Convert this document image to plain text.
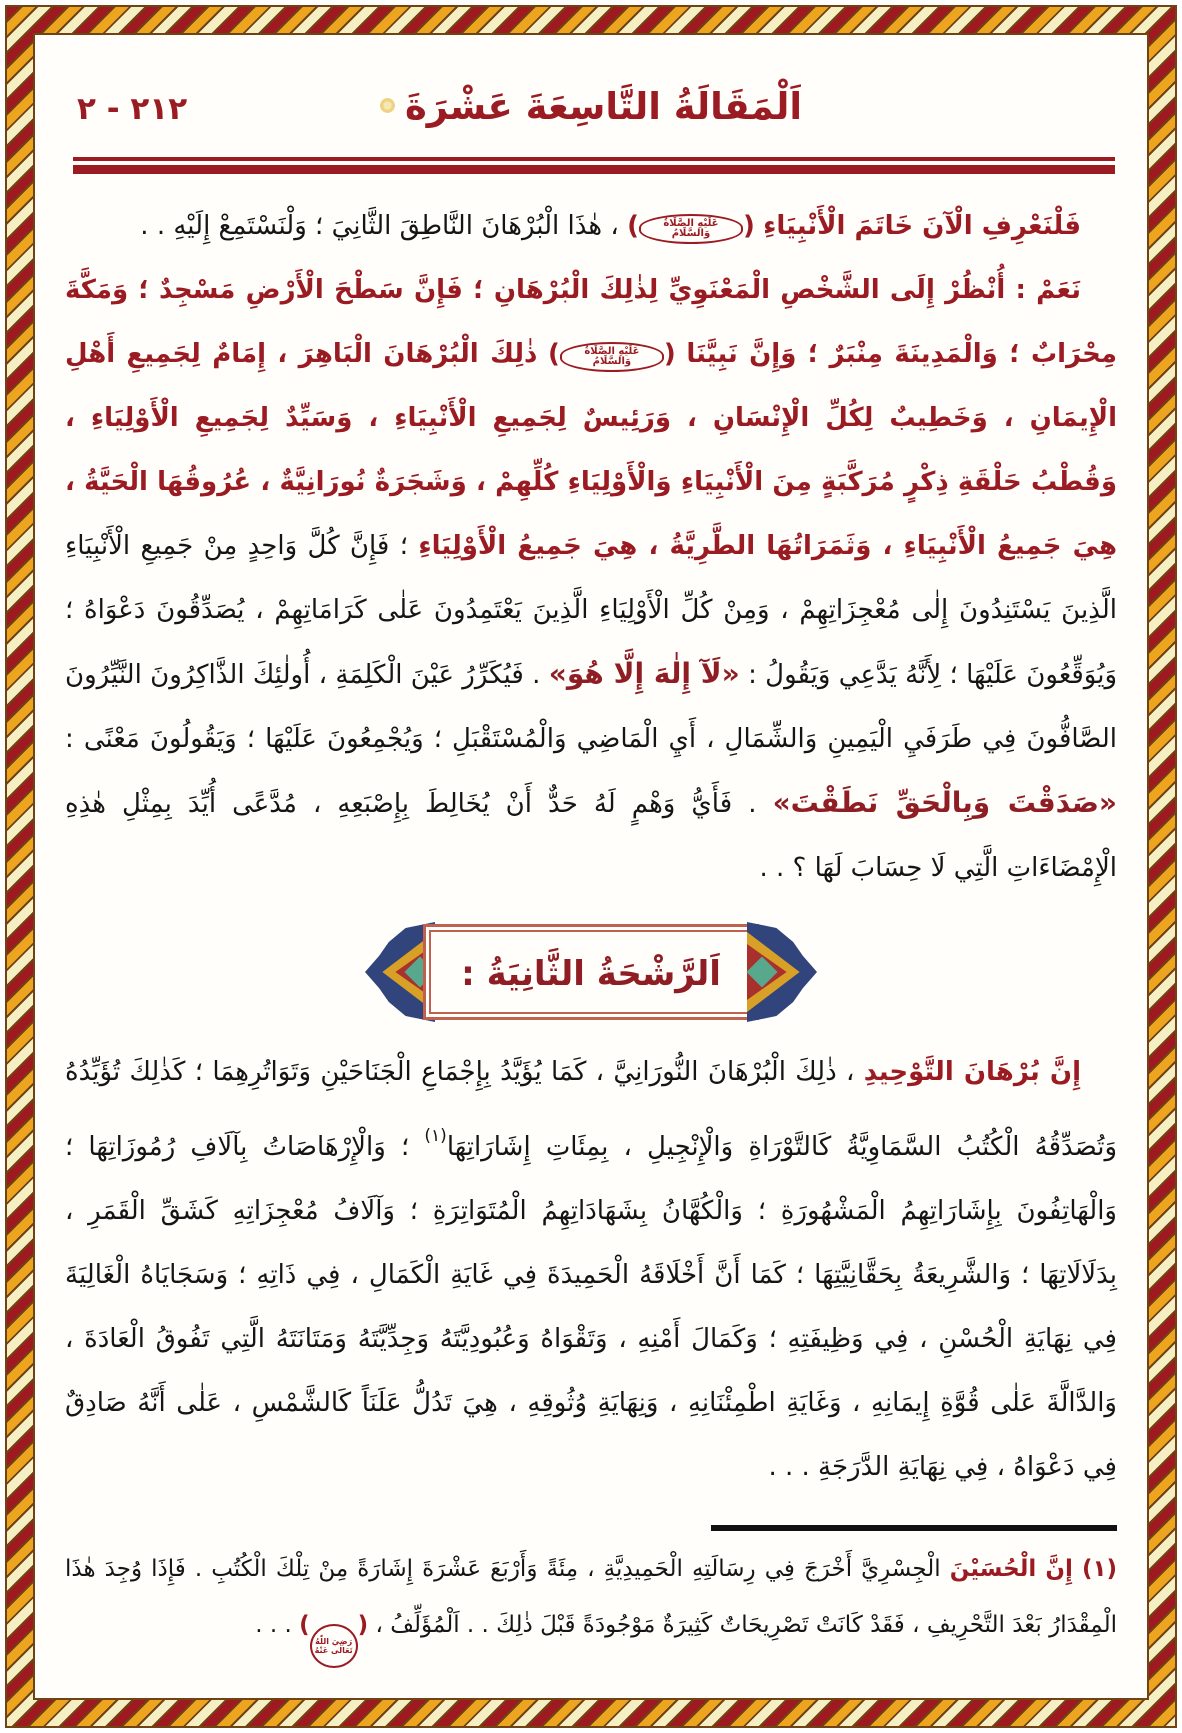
اَلْمَقَالَةُ التَّاسِعَةَ عَشْرَةَ
٢١٢ - ٢

فَلْنَعْرِفِ الْآنَ خَاتَمَ الْأَنْبِيَاءِ (عَلَيْهِ الصَّلَاةُ وَالسَّلَامُ) ، هٰذَا الْبُرْهَانَ النَّاطِقَ الثَّانِيَ ؛ وَلْنَسْتَمِعْ إِلَيْهِ . .

نَعَمْ : أُنْظُرْ إِلَى الشَّخْصِ الْمَعْنَوِيِّ لِذٰلِكَ الْبُرْهَانِ ؛ فَإِنَّ سَطْحَ الْأَرْضِ مَسْجِدٌ ؛ وَمَكَّةَ مِحْرَابٌ ؛ وَالْمَدِينَةَ مِنْبَرٌ ؛ وَإِنَّ نَبِيَّنَا (عَلَيْهِ الصَّلَاةُ وَالسَّلَامُ) ذٰلِكَ الْبُرْهَانَ الْبَاهِرَ ، إِمَامٌ لِجَمِيعِ أَهْلِ الْإِيمَانِ ، وَخَطِيبٌ لِكُلِّ الْإِنْسَانِ ، وَرَئِيسٌ لِجَمِيعِ الْأَنْبِيَاءِ ، وَسَيِّدٌ لِجَمِيعِ الْأَوْلِيَاءِ ، وَقُطْبُ حَلْقَةِ ذِكْرٍ مُرَكَّبَةٍ مِنَ الْأَنْبِيَاءِ وَالْأَوْلِيَاءِ كُلِّهِمْ ، وَشَجَرَةٌ نُورَانِيَّةٌ ، عُرُوقُهَا الْحَيَّةُ ، هِيَ جَمِيعُ الْأَنْبِيَاءِ ، وَثَمَرَاتُهَا الطَّرِيَّةُ ، هِيَ جَمِيعُ الْأَوْلِيَاءِ ؛ فَإِنَّ كُلَّ وَاحِدٍ مِنْ جَمِيعِ الْأَنْبِيَاءِ الَّذِينَ يَسْتَنِدُونَ إِلٰى مُعْجِزَاتِهِمْ ، وَمِنْ كُلِّ الْأَوْلِيَاءِ الَّذِينَ يَعْتَمِدُونَ عَلٰى كَرَامَاتِهِمْ ، يُصَدِّقُونَ دَعْوَاهُ ؛ وَيُوَقِّعُونَ عَلَيْهَا ؛ لِأَنَّهُ يَدَّعِي وَيَقُولُ : «لَآ إِلٰهَ إِلَّا هُوَ» . فَيُكَرِّرُ عَيْنَ الْكَلِمَةِ ، أُولٰئِكَ الذَّاكِرُونَ النَّيِّرُونَ الصَّافُّونَ فِي طَرَفَيِ الْيَمِينِ وَالشِّمَالِ ، أَيِ الْمَاضِي وَالْمُسْتَقْبَلِ ؛ وَيُجْمِعُونَ عَلَيْهَا ؛ وَيَقُولُونَ مَعْنًى : «صَدَقْتَ وَبِالْحَقِّ نَطَقْتَ» . فَأَيُّ وَهْمٍ لَهُ حَدٌّ أَنْ يُخَالِطَ بِإِصْبَعِهِ ، مُدَّعًى أُيِّدَ بِمِثْلِ هٰذِهِ الْإِمْضَاءَاتِ الَّتِي لَا حِسَابَ لَهَا ؟ . .

اَلرَّشْحَةُ الثَّانِيَةُ :

إِنَّ بُرْهَانَ التَّوْحِيدِ ، ذٰلِكَ الْبُرْهَانَ النُّورَانِيَّ ، كَمَا يُؤَيَّدُ بِإِجْمَاعِ الْجَنَاحَيْنِ وَتَوَاتُرِهِمَا ؛ كَذٰلِكَ تُؤَيِّدُهُ وَتُصَدِّقُهُ الْكُتُبُ السَّمَاوِيَّةُ كَالتَّوْرَاةِ وَالْإِنْجِيلِ ، بِمِئَاتِ إِشَارَاتِهَا$^{(١)}$ ؛ وَالْإِرْهَاصَاتُ بِآلَافِ رُمُوزَاتِهَا ؛ وَالْهَاتِفُونَ بِإِشَارَاتِهِمُ الْمَشْهُورَةِ ؛ وَالْكُهَّانُ بِشَهَادَاتِهِمُ الْمُتَوَاتِرَةِ ؛ وَآلَافُ مُعْجِزَاتِهِ كَشَقِّ الْقَمَرِ ، بِدَلَالَاتِهَا ؛ وَالشَّرِيعَةُ بِحَقَّانِيَّتِهَا ؛ كَمَا أَنَّ أَخْلَاقَهُ الْحَمِيدَةَ فِي غَايَةِ الْكَمَالِ ، فِي ذَاتِهِ ؛ وَسَجَايَاهُ الْغَالِيَةَ فِي نِهَايَةِ الْحُسْنِ ، فِي وَظِيفَتِهِ ؛ وَكَمَالَ أَمْنِهِ ، وَتَقْوَاهُ وَعُبُودِيَّتَهُ وَجِدِّيَّتَهُ وَمَتَانَتَهُ الَّتِي تَفُوقُ الْعَادَةَ ، وَالدَّالَّةَ عَلٰى قُوَّةِ إِيمَانِهِ ، وَغَايَةِ اطْمِئْنَانِهِ ، وَنِهَايَةِ وُثُوقِهِ ، هِيَ تَدُلُّ عَلَنَاً كَالشَّمْسِ ، عَلٰى أَنَّهُ صَادِقٌ فِي دَعْوَاهُ ، فِي نِهَايَةِ الدَّرَجَةِ . . .

(١) إِنَّ الْحُسَيْنَ الْجِسْرِيَّ أَخْرَجَ فِي رِسَالَتِهِ الْحَمِيدِيَّةِ ، مِئَةً وَأَرْبَعَ عَشْرَةَ إِشَارَةً مِنْ تِلْكَ الْكُتُبِ . فَإِذَا وُجِدَ هٰذَا الْمِقْدَارُ بَعْدَ التَّحْرِيفِ ، فَقَدْ كَانَتْ تَصْرِيحَاتٌ كَثِيرَةٌ مَوْجُودَةً قَبْلَ ذٰلِكَ . . اَلْمُؤَلِّفُ ، (رَضِيَ اللّٰهُ تَعَالٰى عَنْهُ) . . .
